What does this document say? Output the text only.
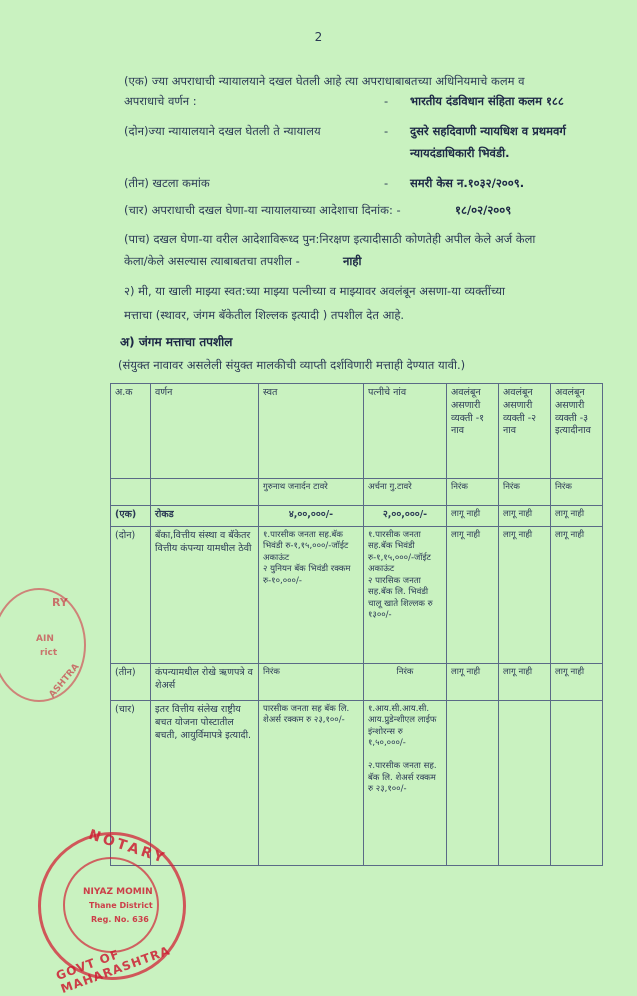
2
(एक) ज्या अपराधाची न्यायालयाने दखल घेतली आहे त्या अपराधाबाबतच्या अधिनियमाचे कलम व
अपराधाचे वर्णन :	- भारतीय दंडविधान संहिता कलम १८८
(दोन)ज्या न्यायालयाने दखल घेतली ते न्यायालय	- दुसरे सहदिवाणी न्यायधिश व प्रथमवर्ग
न्यायदंडाधिकारी भिवंडी.
(तीन) खटला कमांक	- समरी केस न.१०३२/२००९.
(चार) अपराधाची दखल घेणा-या न्यायालयाच्या आदेशाचा दिनांक: -	१८/०२/२००९
(पाच) दखल घेणा-या वरील आदेशाविरूध्द पुन:निरक्षण इत्यादीसाठी कोणतेही अपील केले अर्ज केला
केला/केले असल्यास त्याबाबतचा तपशील -	नाही
२) मी, या खाली माझ्या स्वत:च्या माझ्या पत्नीच्या व माझ्यावर अवलंबून असणा-या व्यक्तींच्या
मत्ताचा (स्थावर, जंगम बॅकेतील शिल्लक इत्यादी ) तपशील देत आहे.
अ) जंगम मत्ताचा तपशील
(संयुक्त नावावर असलेली संयुक्त मालकीची व्याप्ती दर्शविणारी मत्ताही देण्यात यावी.)
अ.क	वर्णन	स्वत	पत्नीचे नांव	अवलंबून असणारी व्यक्ती -१ नाव	अवलंबून असणारी व्यक्ती -२ नाव	अवलंबून असणारी व्यक्ती -३ इत्यादीनाव
		गुरुनाथ जनार्दन टावरे	अर्चना गु.टावरे	निरंक	निरंक	निरंक
(एक)	रोकड	४,००,०००/-	२,००,०००/-	लागू नाही	लागू नाही	लागू नाही
(दोन)	बॅंका,वित्तीय संस्था व बॅकेतर वित्तीय कंपन्या यामधील ठेवी	१.पारसीक जनता सह.बॅक भिवंडी रु-१,१५,०००/-जॉईट अकाऊंट
२ युनियन बॅक भिवंडी रक्कम रु-१०,०००/-	१.पारसीक जनता सह.बॅक भिवंडी रु-१,१५,०००/-जॉईट अकाऊंट
२ पारसिक जनता सह.बॅक लि. भिवंडी चालू खाते शिल्लक रु १३००/-	लागू नाही	लागू नाही	लागू नाही
(तीन)	कंपन्यामधील रोखे ऋणपत्रे व शेअर्स	निरंक	निरंक	लागू नाही	लागू नाही	लागू नाही
(चार)	इतर वित्तीय संलेख राष्ट्रीय बचत योजना पोस्टातील बचती, आयुर्विमापत्रे इत्यादी.	पारसीक जनता सह बॅक लि. शेअर्स रक्कम रु २३,१००/-	१.आय.सी.आय.सी. आय.प्रुडेन्शीएल लाईफ इंन्शोरन्स रु १,५०,०००/-

२.पारसीक जनता सह. बॅक लि. शेअर्स रक्कम रु २३,१००/-			
RY
AIN
rict
ASHTRA
NOTARY
NIYAZ MOMIN
Thane District
Reg. No. 636
GOVT OF MAHARASHTRA
